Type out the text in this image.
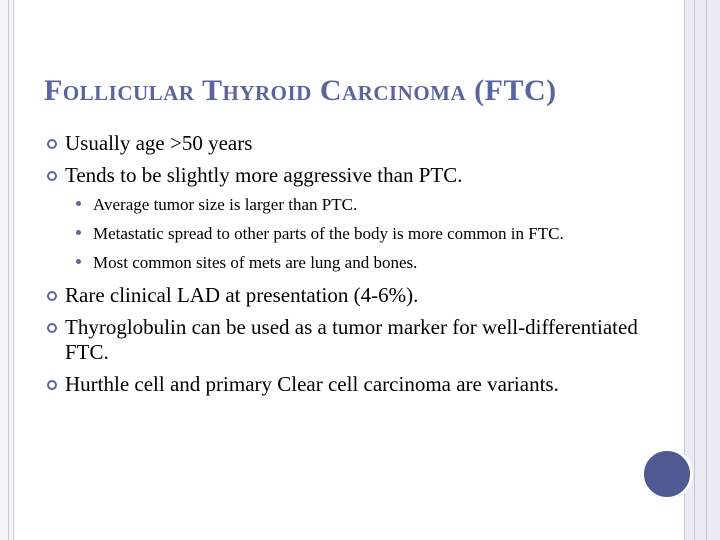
Follicular Thyroid Carcinoma (FTC)
Usually age >50 years
Tends to be slightly more aggressive than PTC.
Average tumor size is larger than PTC.
Metastatic spread to other parts of the body is more common in FTC.
Most common sites of mets are lung and bones.
Rare clinical LAD at presentation (4-6%).
Thyroglobulin can be used as a tumor marker for well-differentiated FTC.
Hurthle cell and primary Clear cell carcinoma are variants.
